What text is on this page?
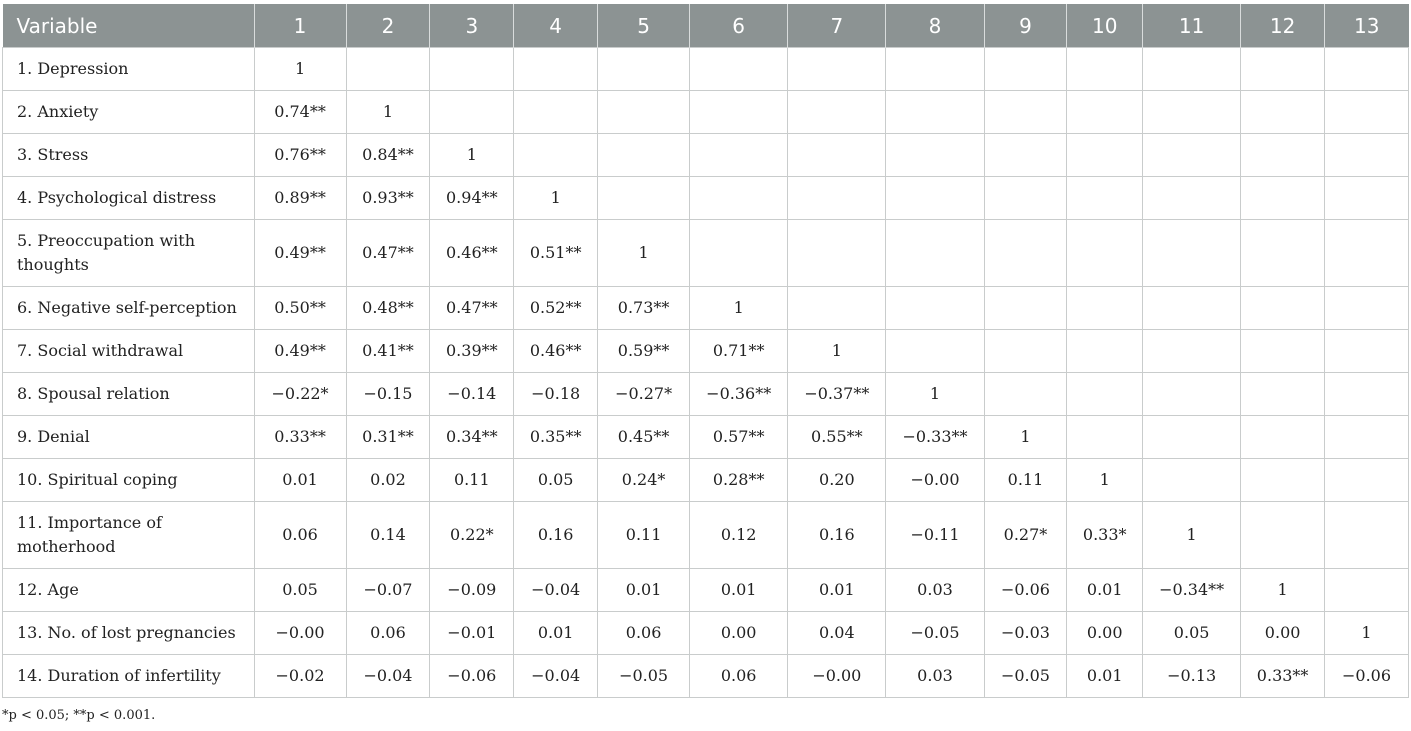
Variable	1	2	3	4	5	6	7	8	9	10	11	12	13
1. Depression	1												
2. Anxiety	0.74**	1											
3. Stress	0.76**	0.84**	1										
4. Psychological distress	0.89**	0.93**	0.94**	1									
5. Preoccupation with thoughts	0.49**	0.47**	0.46**	0.51**	1								
6. Negative self-perception	0.50**	0.48**	0.47**	0.52**	0.73**	1							
7. Social withdrawal	0.49**	0.41**	0.39**	0.46**	0.59**	0.71**	1						
8. Spousal relation	−0.22*	−0.15	−0.14	−0.18	−0.27*	−0.36**	−0.37**	1					
9. Denial	0.33**	0.31**	0.34**	0.35**	0.45**	0.57**	0.55**	−0.33**	1				
10. Spiritual coping	0.01	0.02	0.11	0.05	0.24*	0.28**	0.20	−0.00	0.11	1			
11. Importance of motherhood	0.06	0.14	0.22*	0.16	0.11	0.12	0.16	−0.11	0.27*	0.33*	1		
12. Age	0.05	−0.07	−0.09	−0.04	0.01	0.01	0.01	0.03	−0.06	0.01	−0.34**	1	
13. No. of lost pregnancies	−0.00	0.06	−0.01	0.01	0.06	0.00	0.04	−0.05	−0.03	0.00	0.05	0.00	1
14. Duration of infertility	−0.02	−0.04	−0.06	−0.04	−0.05	0.06	−0.00	0.03	−0.05	0.01	−0.13	0.33**	−0.06
*p < 0.05; **p < 0.001.
